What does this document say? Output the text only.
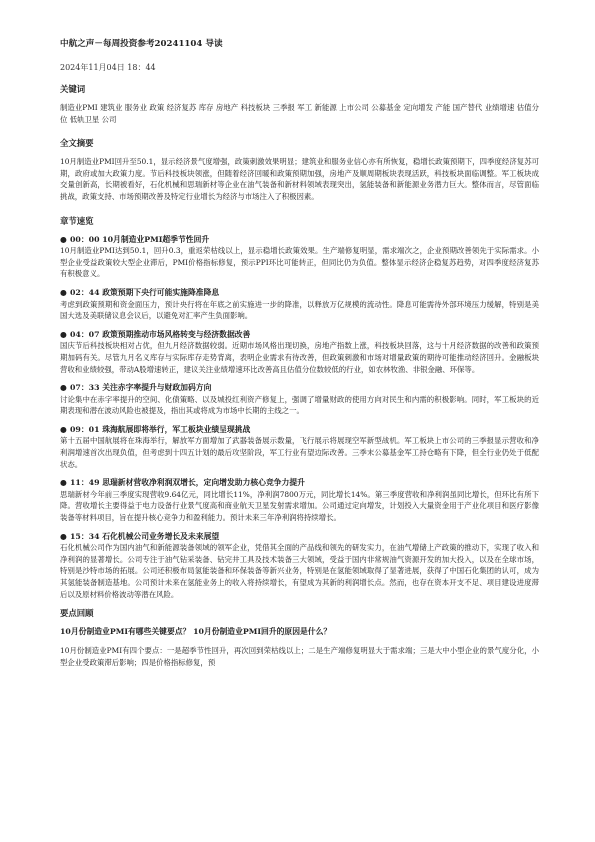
中航之声－每周投资参考20241104 导读
2024年11月04日 18：44
关键词
制造业PMI 建筑业 服务业 政策 经济复苏 库存 房地产 科技板块 三季报 军工 新能源 上市公司 公募基金 定向增发 产能 国产替代 业绩增速 估值分位 低轨卫星 公司
全文摘要
10月制造业PMI回升至50.1，显示经济景气度增强，政策刺激效果明显；建筑业和服务业信心亦有所恢复，稳增长政策预期下，四季度经济复苏可期，政府或加大政策力度。节后科技板块领涨，但随着经济回暖和政策预期加强，房地产及顺周期板块表现活跃，科技板块面临调整。军工板块成交量创新高，长期被看好，石化机械和思瑞新材等企业在油气装备和新材料领域表现突出，氢能装备和新能源业务潜力巨大。整体而言，尽管面临挑战，政策支持、市场预期改善及特定行业增长为经济与市场注入了积极因素。
章节速览
● 00：00 10月制造业PMI超季节性回升
10月制造业PMI达到50.1，回升0.3，重返荣枯线以上，显示稳增长政策效果。生产端修复明显，需求端次之，企业预期改善领先于实际需求。小型企业受益政策较大型企业滞后，PMI价格指标修复，预示PPI环比可能转正，但同比仍为负值。整体显示经济企稳复苏趋势，对四季度经济复苏有积极意义。
● 02：44 政策预期下央行可能实施降准降息
考虑到政策预期和资金面压力，预计央行将在年底之前实施进一步的降准，以释放万亿规模的流动性。降息可能需待外部环境压力缓解，特别是美国大选及美联储议息会议后，以避免对汇率产生负面影响。
● 04：07 政策预期推动市场风格转变与经济数据改善
国庆节后科技板块相对占优，但九月经济数据较弱。近期市场风格出现切换，房地产指数上涨，科技板块回落，这与十月经济数据的改善和政策预期加码有关。尽管九月名义库存与实际库存走势背离，表明企业需求有待改善，但政策刺激和市场对增量政策的期待可能推动经济回升。金融板块营收和业绩较强，带动A股增速转正，建议关注业绩增速环比改善高且估值分位数较低的行业，如农林牧渔、非银金融、环保等。
● 07：33 关注赤字率提升与财政加码方向
讨论集中在赤字率提升的空间、化债策略、以及城投红利资产修复上，强调了增量财政的使用方向对民生和内需的积极影响。同时，军工板块的近期表现和潜在波动风险也被提及，指出其或将成为市场中长期的主线之一。
● 09：01 珠海航展即将举行，军工板块业绩呈现挑战
第十五届中国航展将在珠海举行，解放军方面增加了武器装备展示数量，飞行展示将展现空军新型战机。军工板块上市公司的三季报显示营收和净利润增速首次出现负值，但考虑到十四五计划的最后攻坚阶段，军工行业有望边际改善。三季末公募基金军工持仓略有下降，但全行业仍处于低配状态。
● 11：49 思瑞新材营收净利润双增长，定向增发助力核心竞争力提升
思瑞新材今年前三季度实现营收9.64亿元，同比增长11%，净利润7800万元，同比增长14%。第三季度营收和净利润虽同比增长，但环比有所下降。营收增长主要得益于电力设备行业景气度高和商业航天卫星发射需求增加。公司通过定向增发，计划投入大量资金用于产业化项目和医疗影像装备等材料项目，旨在提升核心竞争力和盈利能力。预计未来三年净利润将持续增长。
● 15：34 石化机械公司业务增长及未来展望
石化机械公司作为国内油气和新能源装备领域的领军企业，凭借其全面的产品线和领先的研发实力，在油气增储上产政策的推动下，实现了收入和净利润的显著增长。公司专注于油气钻采装备、钻完井工具及技术装备三大领域，受益于国内非常规油气资源开发的加大投入，以及在全球市场，特别是沙特市场的拓展。公司还积极布局氢能装备和环保装备等新兴业务，特别是在氢能领域取得了显著进展，获得了中国石化集团的认可，成为其氢能装备制造基地。公司预计未来在氢能业务上的收入将持续增长，有望成为其新的利润增长点。然而，也存在资本开支不足、项目建设进度滞后以及原材料价格波动等潜在风险。
要点回顾
10月份制造业PMI有哪些关键要点？ 10月份制造业PMI回升的原因是什么？
10月份制造业PMI有四个要点：一是超季节性回升，再次回到荣枯线以上；二是生产端修复明显大于需求端；三是大中小型企业的景气度分化，小型企业受政策滞后影响；四是价格指标修复，预
